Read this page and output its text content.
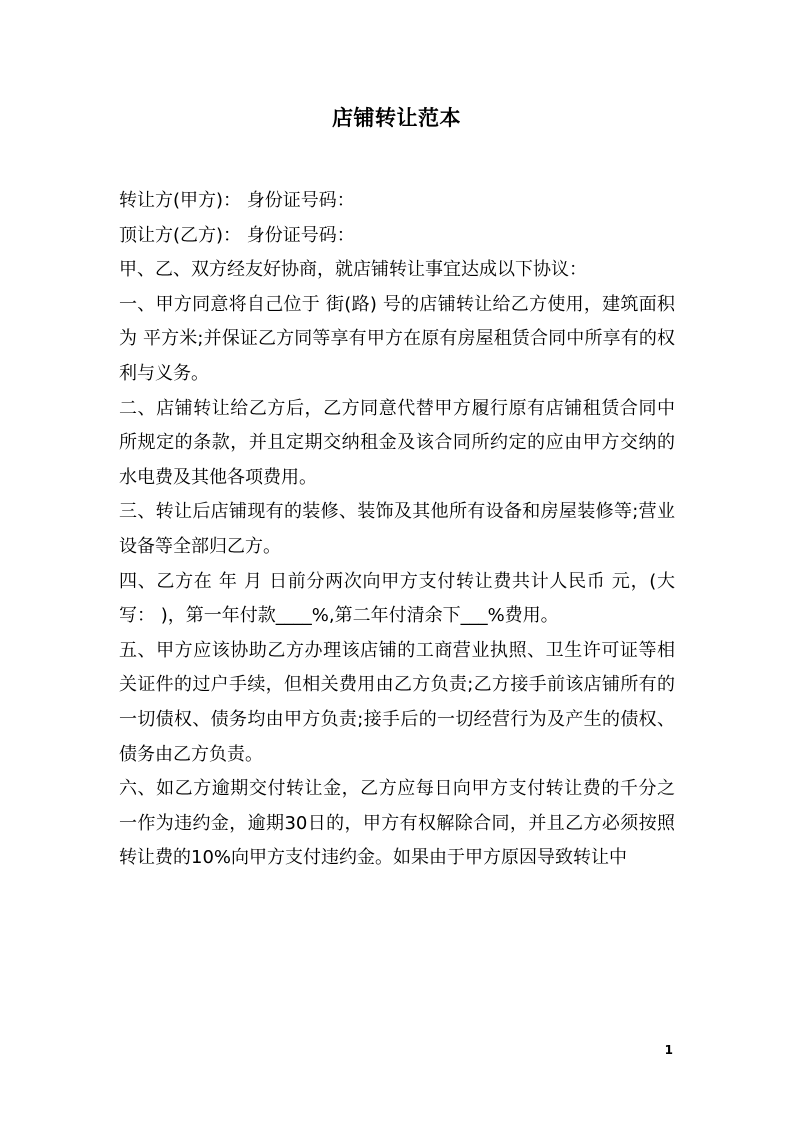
店铺转让范本

转让方(甲方)： 身份证号码：

顶让方(乙方)： 身份证号码：

甲、乙、双方经友好协商，就店铺转让事宜达成以下协议：

一、甲方同意将自己位于 街(路) 号的店铺转让给乙方使用，建筑面积为 平方米;并保证乙方同等享有甲方在原有房屋租赁合同中所享有的权利与义务。

二、店铺转让给乙方后，乙方同意代替甲方履行原有店铺租赁合同中所规定的条款，并且定期交纳租金及该合同所约定的应由甲方交纳的水电费及其他各项费用。

三、转让后店铺现有的装修、装饰及其他所有设备和房屋装修等;营业设备等全部归乙方。

四、乙方在 年 月 日前分两次向甲方支付转让费共计人民币 元，(大写： )，第一年付款____%,第二年付清余下___%费用。

五、甲方应该协助乙方办理该店铺的工商营业执照、卫生许可证等相关证件的过户手续，但相关费用由乙方负责;乙方接手前该店铺所有的一切债权、债务均由甲方负责;接手后的一切经营行为及产生的债权、债务由乙方负责。

六、如乙方逾期交付转让金，乙方应每日向甲方支付转让费的千分之一作为违约金，逾期30日的，甲方有权解除合同，并且乙方必须按照转让费的10%向甲方支付违约金。如果由于甲方原因导致转让中

1
